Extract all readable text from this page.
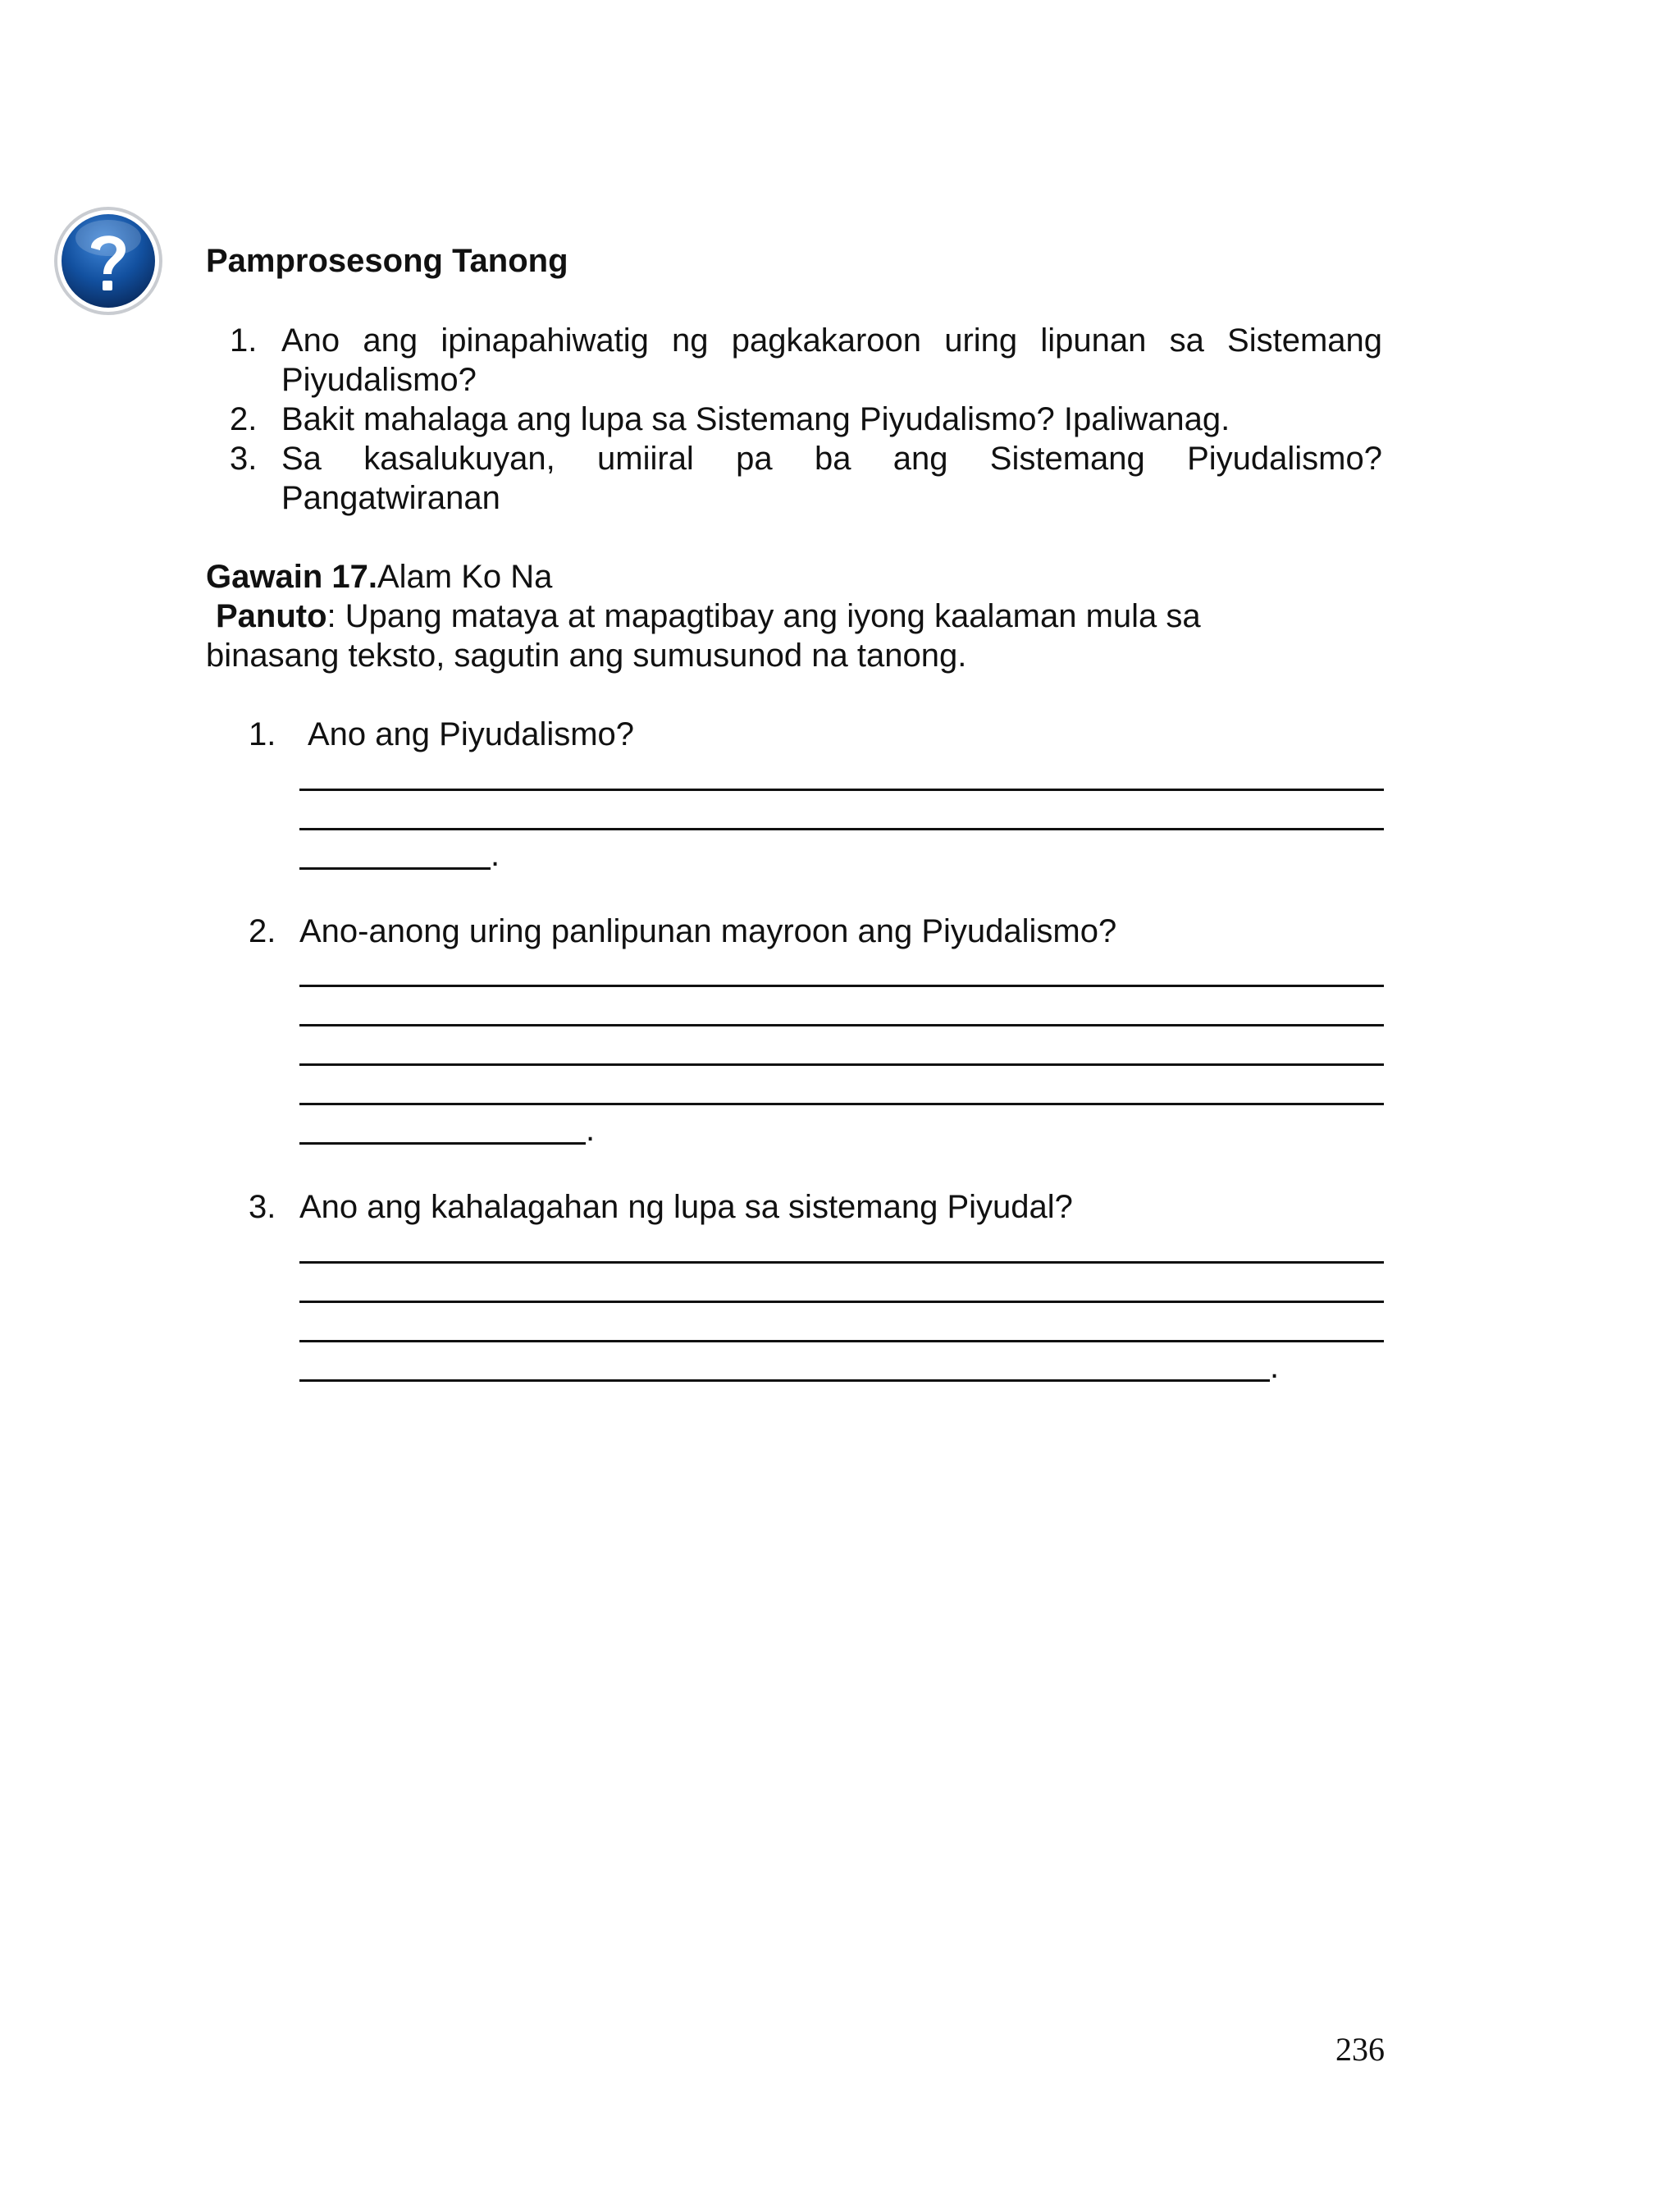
Pamprosesong Tanong
1. Ano ang ipinapahiwatig ng pagkakaroon uring lipunan sa Sistemang
Piyudalismo?
2. Bakit mahalaga ang lupa sa Sistemang Piyudalismo? Ipaliwanag.
3. Sa kasalukuyan, umiiral pa ba ang Sistemang Piyudalismo?
Pangatwiranan
Gawain 17.Alam Ko Na
Panuto: Upang mataya at mapagtibay ang iyong kaalaman mula sa
binasang teksto, sagutin ang sumusunod na tanong.
1. Ano ang Piyudalismo?
.
2. Ano-anong uring panlipunan mayroon ang Piyudalismo?
.
3. Ano ang kahalagahan ng lupa sa sistemang Piyudal?
.
236
